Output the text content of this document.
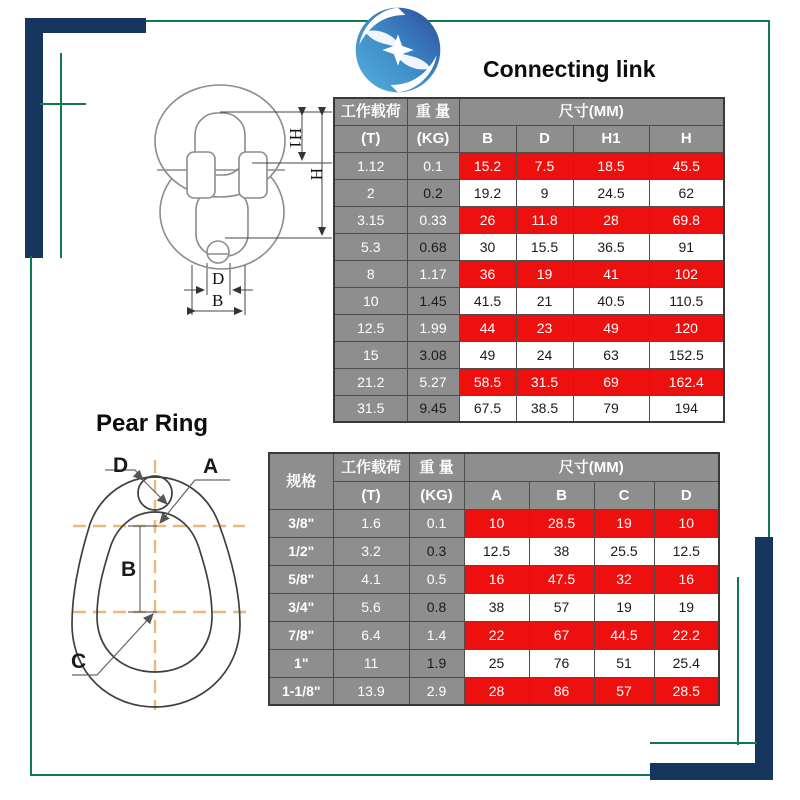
Connecting link
Pear Ring
H1
H
D
B
D	A
B
C
工作载荷	重 量	尺寸(MM)			
(T)	(KG)	B	D	H1	H
1.12	0.1	15.2	7.5	18.5	45.5
2	0.2	19.2	9	24.5	62
3.15	0.33	26	11.8	28	69.8
5.3	0.68	30	15.5	36.5	91
8	1.17	36	19	41	102
10	1.45	41.5	21	40.5	110.5
12.5	1.99	44	23	49	120
15	3.08	49	24	63	152.5
21.2	5.27	58.5	31.5	69	162.4
31.5	9.45	67.5	38.5	79	194
规格	工作载荷	重 量	尺寸(MM)			
	(T)	(KG)	A	B	C	D
3/8"	1.6	0.1	10	28.5	19	10
1/2"	3.2	0.3	12.5	38	25.5	12.5
5/8"	4.1	0.5	16	47.5	32	16
3/4"	5.6	0.8	38	57	19	19
7/8"	6.4	1.4	22	67	44.5	22.2
1"	11	1.9	25	76	51	25.4
1-1/8"	13.9	2.9	28	86	57	28.5
